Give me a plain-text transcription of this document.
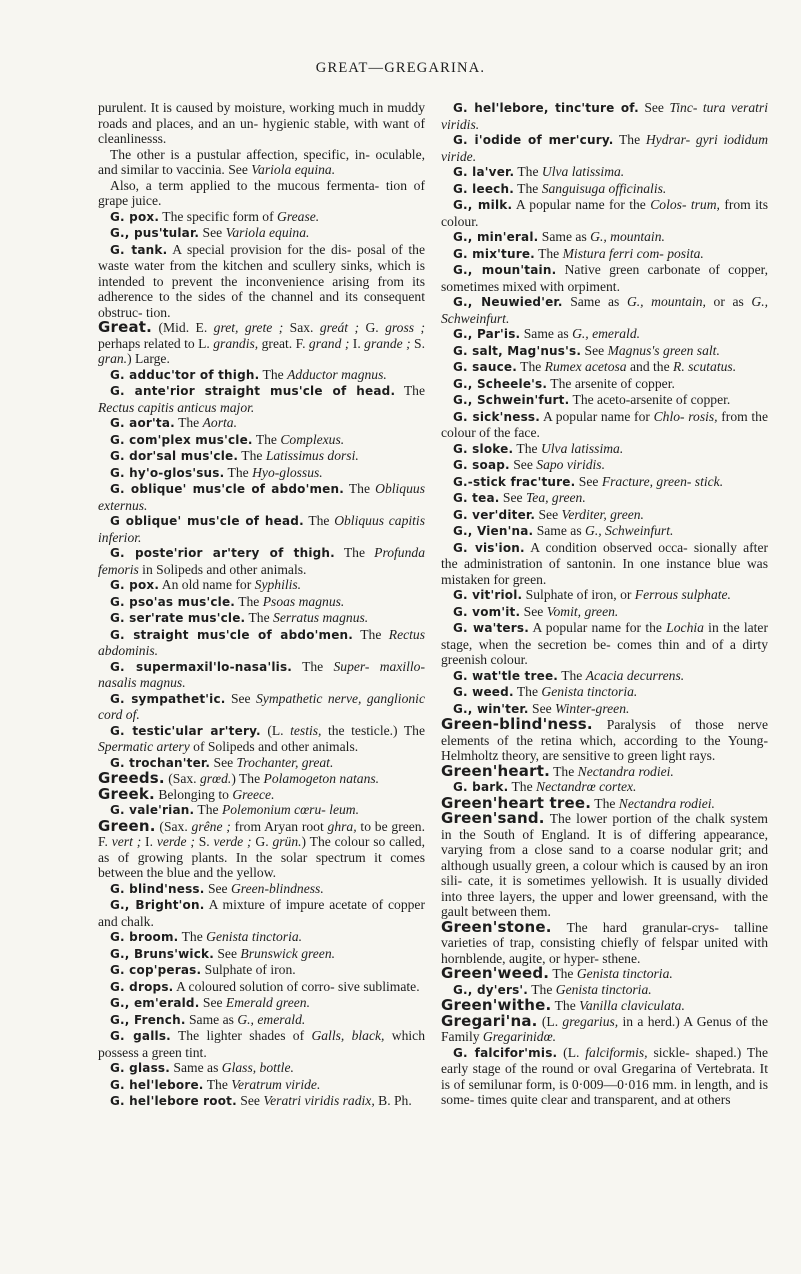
GREAT—GREGARINA.

purulent. It is caused by moisture, working much in muddy roads and places, and an un- hygienic stable, with want of cleanlinesss.

The other is a pustular affection, specific, in- oculable, and similar to vaccinia. See Variola equina.

Also, a term applied to the mucous fermenta- tion of grape juice.

G. pox. The specific form of Grease.

G., pus'tular. See Variola equina.

G. tank. A special provision for the dis- posal of the waste water from the kitchen and scullery sinks, which is intended to prevent the inconvenience arising from its adherence to the sides of the channel and its consequent obstruc- tion.

Great. (Mid. E. gret, grete ; Sax. greát ; G. gross ; perhaps related to L. grandis, great. F. grand ; I. grande ; S. gran.) Large.

G. adduc'tor of thigh. The Adductor magnus.

G. ante'rior straight mus'cle of head. The Rectus capitis anticus major.

G. aor'ta. The Aorta.

G. com'plex mus'cle. The Complexus.

G. dor'sal mus'cle. The Latissimus dorsi.

G. hy'o-glos'sus. The Hyo-glossus.

G. oblique' mus'cle of abdo'men. The Obliquus externus.

G oblique' mus'cle of head. The Obliquus capitis inferior.

G. poste'rior ar'tery of thigh. The Profunda femoris in Solipeds and other animals.

G. pox. An old name for Syphilis.

G. pso'as mus'cle. The Psoas magnus.

G. ser'rate mus'cle. The Serratus magnus.

G. straight mus'cle of abdo'men. The Rectus abdominis.

G. supermaxil'lo-nasa'lis. The Super- maxillo-nasalis magnus.

G. sympathet'ic. See Sympathetic nerve, ganglionic cord of.

G. testic'ular ar'tery. (L. testis, the testicle.) The Spermatic artery of Solipeds and other animals.

G. trochan'ter. See Trochanter, great.

Greeds. (Sax. grœd.) The Polamogeton natans.

Greek. Belonging to Greece.

G. vale'rian. The Polemonium cœru- leum.

Green. (Sax. grêne ; from Aryan root ghra, to be green. F. vert ; I. verde ; S. verde ; G. grün.) The colour so called, as of growing plants. In the solar spectrum it comes between the blue and the yellow.

G. blind'ness. See Green-blindness.

G., Bright'on. A mixture of impure acetate of copper and chalk.

G. broom. The Genista tinctoria.

G., Bruns'wick. See Brunswick green.

G. cop'peras. Sulphate of iron.

G. drops. A coloured solution of corro- sive sublimate.

G., em'erald. See Emerald green.

G., French. Same as G., emerald.

G. galls. The lighter shades of Galls, black, which possess a green tint.

G. glass. Same as Glass, bottle.

G. hel'lebore. The Veratrum viride.

G. hel'lebore root. See Veratri viridis radix, B. Ph.

G. hel'lebore, tinc'ture of. See Tinc- tura veratri viridis.

G. i'odide of mer'cury. The Hydrar- gyri iodidum viride.

G. la'ver. The Ulva latissima.

G. leech. The Sanguisuga officinalis.

G., milk. A popular name for the Colos- trum, from its colour.

G., min'eral. Same as G., mountain.

G. mix'ture. The Mistura ferri com- posita.

G., moun'tain. Native green carbonate of copper, sometimes mixed with orpiment.

G., Neuwied'er. Same as G., mountain, or as G., Schweinfurt.

G., Par'is. Same as G., emerald.

G. salt, Mag'nus's. See Magnus's green salt.

G. sauce. The Rumex acetosa and the R. scutatus.

G., Scheele's. The arsenite of copper.

G., Schwein'furt. The aceto-arsenite of copper.

G. sick'ness. A popular name for Chlo- rosis, from the colour of the face.

G. sloke. The Ulva latissima.

G. soap. See Sapo viridis.

G.-stick frac'ture. See Fracture, green- stick.

G. tea. See Tea, green.

G. ver'diter. See Verditer, green.

G., Vien'na. Same as G., Schweinfurt.

G. vis'ion. A condition observed occa- sionally after the administration of santonin. In one instance blue was mistaken for green.

G. vit'riol. Sulphate of iron, or Ferrous sulphate.

G. vom'it. See Vomit, green.

G. wa'ters. A popular name for the Lochia in the later stage, when the secretion be- comes thin and of a dirty greenish colour.

G. wat'tle tree. The Acacia decurrens.

G. weed. The Genista tinctoria.

G., win'ter. See Winter-green.

Green-blind'ness. Paralysis of those nerve elements of the retina which, according to the Young-Helmholtz theory, are sensitive to green light rays.

Green'heart. The Nectandra rodiei.

G. bark. The Nectandrœ cortex.

Green'heart tree. The Nectandra rodiei.

Green'sand. The lower portion of the chalk system in the South of England. It is of differing appearance, varying from a close sand to a coarse nodular grit; and although usually green, a colour which is caused by an iron sili- cate, it is sometimes yellowish. It is usually divided into three layers, the upper and lower greensand, with the gault between them.

Green'stone. The hard granular-crys- talline varieties of trap, consisting chiefly of felspar united with hornblende, augite, or hyper- sthene.

Green'weed. The Genista tinctoria.

G., dy'ers'. The Genista tinctoria.

Green'withe. The Vanilla claviculata.

Gregari'na. (L. gregarius, in a herd.) A Genus of the Family Gregarinidœ.

G. falcifor'mis. (L. falciformis, sickle- shaped.) The early stage of the round or oval Gregarina of Vertebrata. It is of semilunar form, is 0·009—0·016 mm. in length, and is some- times quite clear and transparent, and at others
